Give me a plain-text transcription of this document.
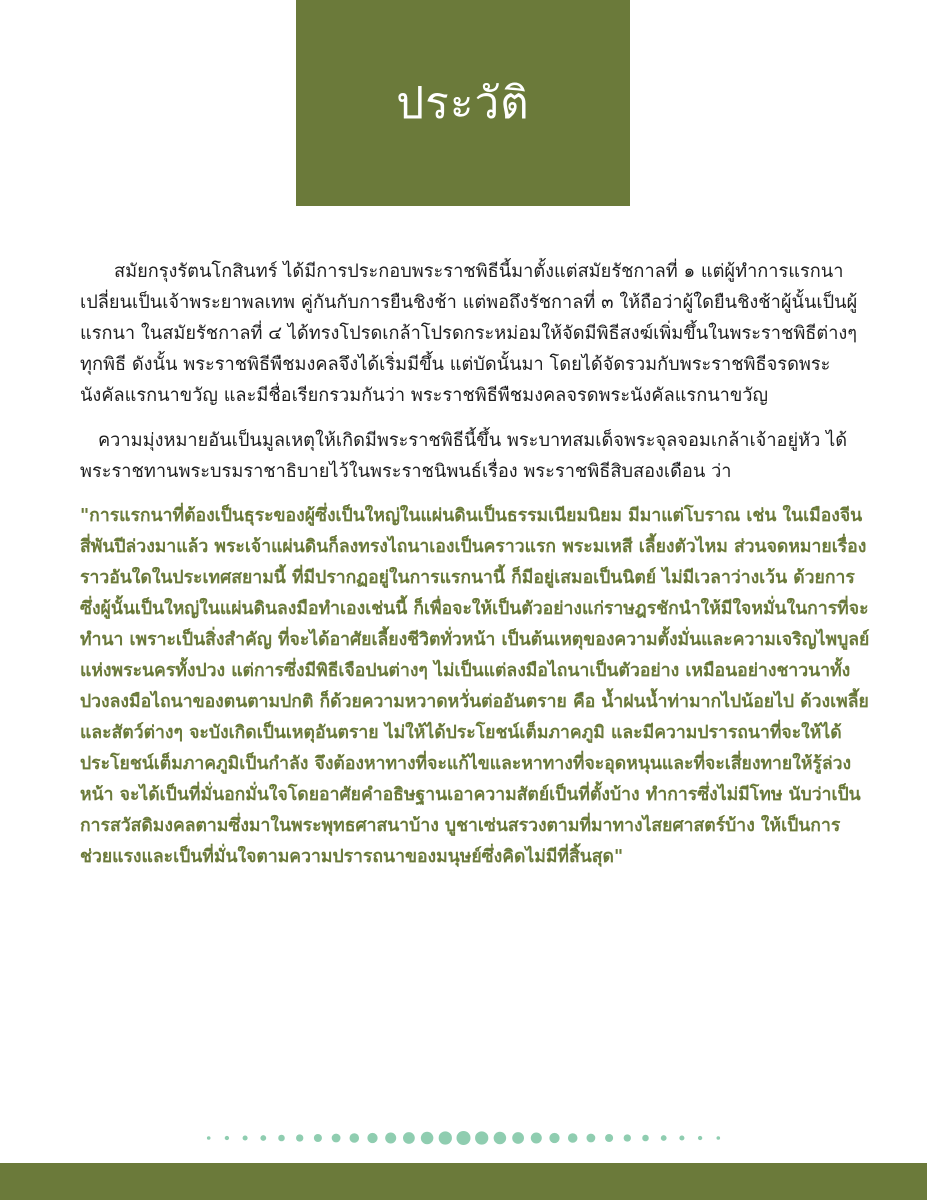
ประวัติ

สมัยกรุงรัตนโกสินทร์ ได้มีการประกอบพระราชพิธีนี้มาตั้งแต่สมัยรัชกาลที่ ๑ แต่ผู้ทำการแรกนาเปลี่ยนเป็นเจ้าพระยาพลเทพ คู่กันกับการยืนชิงช้า แต่พอถึงรัชกาลที่ ๓ ให้ถือว่าผู้ใดยืนชิงช้าผู้นั้นเป็นผู้แรกนา ในสมัยรัชกาลที่ ๔ ได้ทรงโปรดเกล้าโปรดกระหม่อมให้จัดมีพิธีสงฆ์เพิ่มขึ้นในพระราชพิธีต่างๆ ทุกพิธี ดังนั้น พระราชพิธีพืชมงคลจึงได้เริ่มมีขึ้น แต่บัดนั้นมา โดยได้จัดรวมกับพระราชพิธีจรดพระนังคัลแรกนาขวัญ และมีชื่อเรียกรวมกันว่า พระราชพิธีพืชมงคลจรดพระนังคัลแรกนาขวัญ

ความมุ่งหมายอันเป็นมูลเหตุให้เกิดมีพระราชพิธีนี้ขึ้น พระบาทสมเด็จพระจุลจอมเกล้าเจ้าอยู่หัว ได้พระราชทานพระบรมราชาธิบายไว้ในพระราชนิพนธ์เรื่อง พระราชพิธีสิบสองเดือน ว่า

"การแรกนาที่ต้องเป็นธุระของผู้ซึ่งเป็นใหญ่ในแผ่นดินเป็นธรรมเนียมนิยม มีมาแต่โบราณ เช่น ในเมืองจีนสี่พันปีล่วงมาแล้ว พระเจ้าแผ่นดินก็ลงทรงไถนาเองเป็นคราวแรก พระมเหสี เลี้ยงตัวไหม ส่วนจดหมายเรื่องราวอันใดในประเทศสยามนี้ ที่มีปรากฏอยู่ในการแรกนานี้ ก็มีอยู่เสมอเป็นนิตย์ ไม่มีเวลาว่างเว้น ด้วยการซึ่งผู้นั้นเป็นใหญ่ในแผ่นดินลงมือทำเองเช่นนี้ ก็เพื่อจะให้เป็นตัวอย่างแก่ราษฎรชักนำให้มีใจหมั่นในการที่จะทำนา เพราะเป็นสิ่งสำคัญ ที่จะได้อาศัยเลี้ยงชีวิตทั่วหน้า เป็นต้นเหตุของความตั้งมั่นและความเจริญไพบูลย์ แห่งพระนครทั้งปวง แต่การซึ่งมีพิธีเจือปนต่างๆ ไม่เป็นแต่ลงมือไถนาเป็นตัวอย่าง เหมือนอย่างชาวนาทั้งปวงลงมือไถนาของตนตามปกติ ก็ด้วยความหวาดหวั่นต่ออันตราย คือ น้ำฝนน้ำท่ามากไปน้อยไป ด้วงเพลี้ยและสัตว์ต่างๆ จะบังเกิดเป็นเหตุอันตราย ไม่ให้ได้ประโยชน์เต็มภาคภูมิ และมีความปรารถนาที่จะให้ได้ประโยชน์เต็มภาคภูมิเป็นกำลัง จึงต้องหาทางที่จะแก้ไขและหาทางที่จะอุดหนุนและที่จะเสี่ยงทายให้รู้ล่วงหน้า จะได้เป็นที่มั่นอกมั่นใจโดยอาศัยคำอธิษฐานเอาความสัตย์เป็นที่ตั้งบ้าง ทำการซึ่งไม่มีโทษ นับว่าเป็นการสวัสดิมงคลตามซึ่งมาในพระพุทธศาสนาบ้าง บูชาเซ่นสรวงตามที่มาทางไสยศาสตร์บ้าง ให้เป็นการช่วยแรงและเป็นที่มั่นใจตามความปรารถนาของมนุษย์ซึ่งคิดไม่มีที่สิ้นสุด"
